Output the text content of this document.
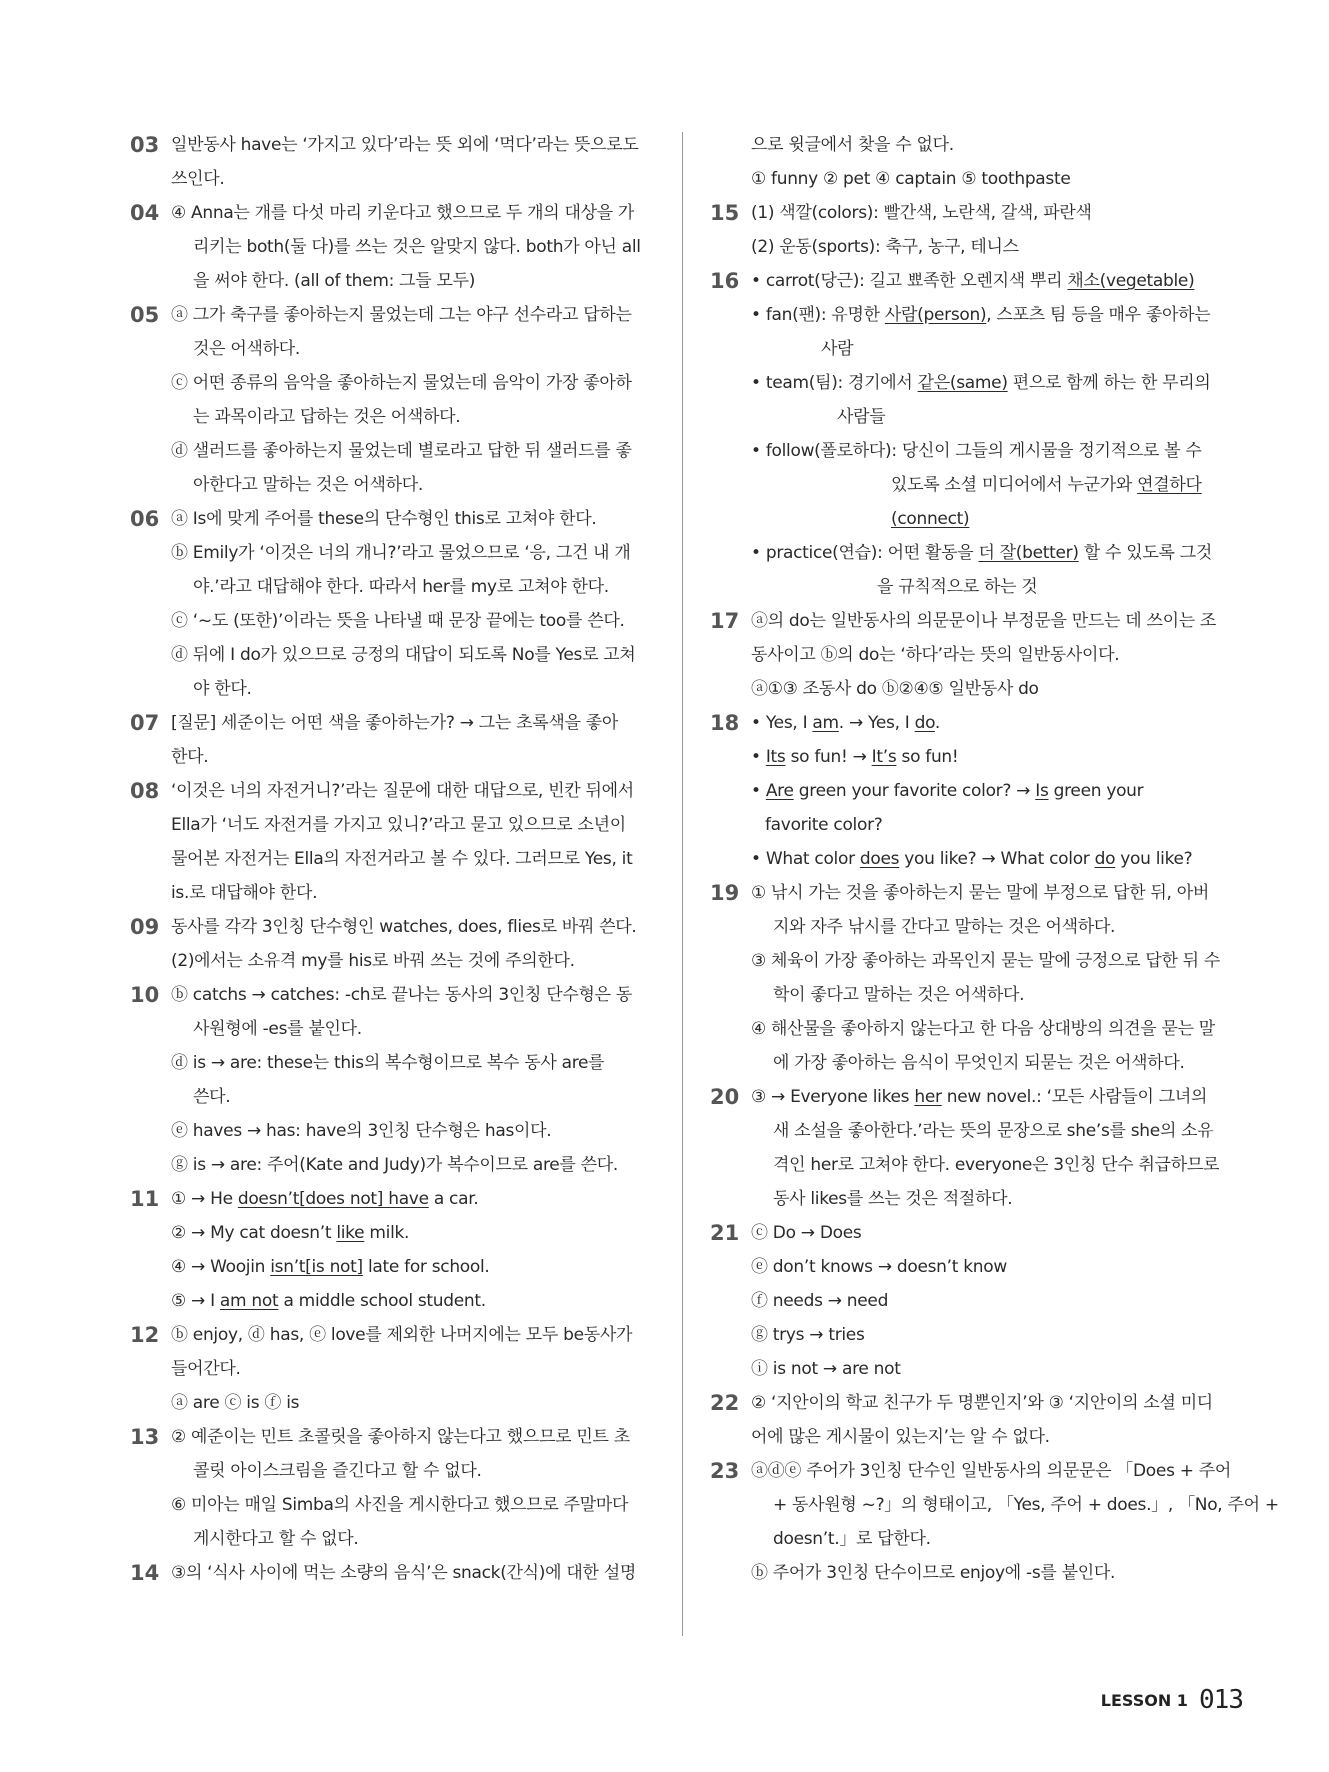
03 일반동사 have는 ‘가지고 있다’라는 뜻 외에 ‘먹다’라는 뜻으로도
쓰인다.
04 ④ Anna는 개를 다섯 마리 키운다고 했으므로 두 개의 대상을 가
리키는 both(둘 다)를 쓰는 것은 알맞지 않다. both가 아닌 all
을 써야 한다. (all of them: 그들 모두)
05 ⓐ 그가 축구를 좋아하는지 물었는데 그는 야구 선수라고 답하는
것은 어색하다.
ⓒ 어떤 종류의 음악을 좋아하는지 물었는데 음악이 가장 좋아하
는 과목이라고 답하는 것은 어색하다.
ⓓ 샐러드를 좋아하는지 물었는데 별로라고 답한 뒤 샐러드를 좋
아한다고 말하는 것은 어색하다.
06 ⓐ Is에 맞게 주어를 these의 단수형인 this로 고쳐야 한다.
ⓑ Emily가 ‘이것은 너의 개니?’라고 물었으므로 ‘응, 그건 내 개
야.’라고 대답해야 한다. 따라서 her를 my로 고쳐야 한다.
ⓒ ‘~도 (또한)’이라는 뜻을 나타낼 때 문장 끝에는 too를 쓴다.
ⓓ 뒤에 I do가 있으므로 긍정의 대답이 되도록 No를 Yes로 고쳐
야 한다.
07 [질문] 세준이는 어떤 색을 좋아하는가? → 그는 초록색을 좋아
한다.
08 ‘이것은 너의 자전거니?’라는 질문에 대한 대답으로, 빈칸 뒤에서
Ella가 ‘너도 자전거를 가지고 있니?’라고 묻고 있으므로 소년이
물어본 자전거는 Ella의 자전거라고 볼 수 있다. 그러므로 Yes, it
is.로 대답해야 한다.
09 동사를 각각 3인칭 단수형인 watches, does, flies로 바꿔 쓴다.
(2)에서는 소유격 my를 his로 바꿔 쓰는 것에 주의한다.
10 ⓑ catchs → catches: -ch로 끝나는 동사의 3인칭 단수형은 동
사원형에 -es를 붙인다.
ⓓ is → are: these는 this의 복수형이므로 복수 동사 are를
쓴다.
ⓔ haves → has: have의 3인칭 단수형은 has이다.
ⓖ is → are: 주어(Kate and Judy)가 복수이므로 are를 쓴다.
11 ① → He doesn’t[does not] have a car.
② → My cat doesn’t like milk.
④ → Woojin isn’t[is not] late for school.
⑤ → I am not a middle school student.
12 ⓑ enjoy, ⓓ has, ⓔ love를 제외한 나머지에는 모두 be동사가
들어간다.
ⓐ are ⓒ is ⓕ is
13 ② 예준이는 민트 초콜릿을 좋아하지 않는다고 했으므로 민트 초
콜릿 아이스크림을 즐긴다고 할 수 없다.
⑥ 미아는 매일 Simba의 사진을 게시한다고 했으므로 주말마다
게시한다고 할 수 없다.
14 ③의 ‘식사 사이에 먹는 소량의 음식’은 snack(간식)에 대한 설명
으로 윗글에서 찾을 수 없다.
① funny ② pet ④ captain ⑤ toothpaste
15 (1) 색깔(colors): 빨간색, 노란색, 갈색, 파란색
(2) 운동(sports): 축구, 농구, 테니스
16 • carrot(당근): 길고 뾰족한 오렌지색 뿌리 채소(vegetable)
• fan(팬): 유명한 사람(person), 스포츠 팀 등을 매우 좋아하는
사람
• team(팀): 경기에서 같은(same) 편으로 함께 하는 한 무리의
사람들
• follow(폴로하다): 당신이 그들의 게시물을 정기적으로 볼 수
있도록 소셜 미디어에서 누군가와 연결하다
(connect)
• practice(연습): 어떤 활동을 더 잘(better) 할 수 있도록 그것
을 규칙적으로 하는 것
17 ⓐ의 do는 일반동사의 의문문이나 부정문을 만드는 데 쓰이는 조
동사이고 ⓑ의 do는 ‘하다’라는 뜻의 일반동사이다.
ⓐ①③ 조동사 do ⓑ②④⑤ 일반동사 do
18 • Yes, I am. → Yes, I do.
• Its so fun! → It’s so fun!
• Are green your favorite color? → Is green your
favorite color?
• What color does you like? → What color do you like?
19 ① 낚시 가는 것을 좋아하는지 묻는 말에 부정으로 답한 뒤, 아버
지와 자주 낚시를 간다고 말하는 것은 어색하다.
③ 체육이 가장 좋아하는 과목인지 묻는 말에 긍정으로 답한 뒤 수
학이 좋다고 말하는 것은 어색하다.
④ 해산물을 좋아하지 않는다고 한 다음 상대방의 의견을 묻는 말
에 가장 좋아하는 음식이 무엇인지 되묻는 것은 어색하다.
20 ③ → Everyone likes her new novel.: ‘모든 사람들이 그녀의
새 소설을 좋아한다.’라는 뜻의 문장으로 she’s를 she의 소유
격인 her로 고쳐야 한다. everyone은 3인칭 단수 취급하므로
동사 likes를 쓰는 것은 적절하다.
21 ⓒ Do → Does
ⓔ don’t knows → doesn’t know
ⓕ needs → need
ⓖ trys → tries
ⓘ is not → are not
22 ② ‘지안이의 학교 친구가 두 명뿐인지’와 ③ ‘지안이의 소셜 미디
어에 많은 게시물이 있는지’는 알 수 없다.
23 ⓐⓓⓔ 주어가 3인칭 단수인 일반동사의 의문문은 「Does + 주어
+ 동사원형 ~?」의 형태이고, 「Yes, 주어 + does.」, 「No, 주어 +
doesn’t.」로 답한다.
ⓑ 주어가 3인칭 단수이므로 enjoy에 -s를 붙인다.
LESSON 1 013
